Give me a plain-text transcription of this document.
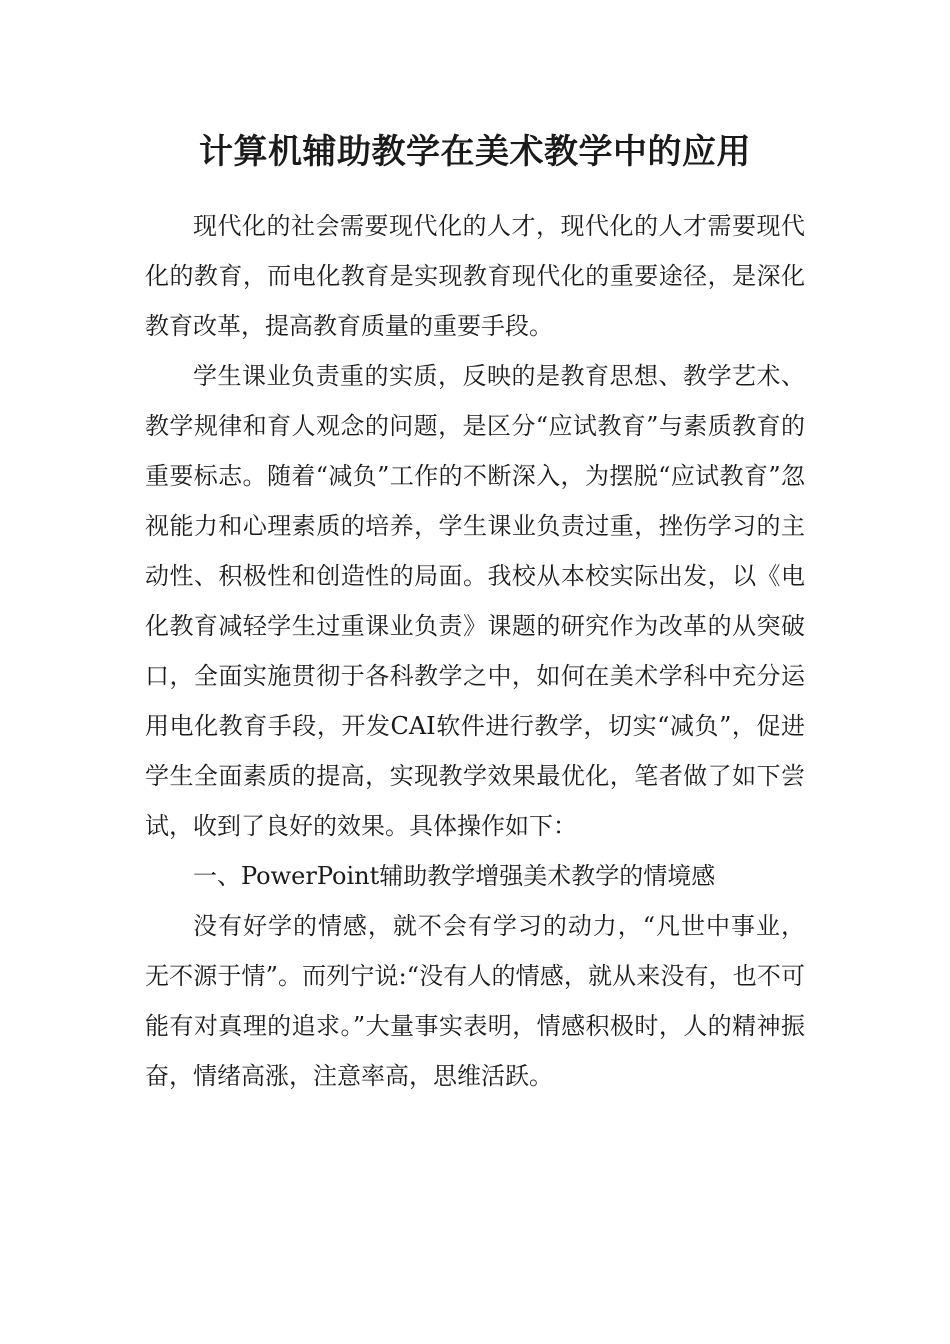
计算机辅助教学在美术教学中的应用

现代化的社会需要现代化的人才，现代化的人才需要现代化的教育，而电化教育是实现教育现代化的重要途径，是深化教育改革，提高教育质量的重要手段。

学生课业负责重的实质，反映的是教育思想、教学艺术、教学规律和育人观念的问题，是区分“应试教育”与素质教育的重要标志。随着“减负”工作的不断深入，为摆脱“应试教育”忽视能力和心理素质的培养，学生课业负责过重，挫伤学习的主动性、积极性和创造性的局面。我校从本校实际出发，以《电化教育减轻学生过重课业负责》课题的研究作为改革的从突破口，全面实施贯彻于各科教学之中，如何在美术学科中充分运用电化教育手段，开发CAI软件进行教学，切实“减负”，促进学生全面素质的提高，实现教学效果最优化，笔者做了如下尝试，收到了良好的效果。具体操作如下：

一、PowerPoint辅助教学增强美术教学的情境感

没有好学的情感，就不会有学习的动力，“凡世中事业，无不源于情”。而列宁说:“没有人的情感，就从来没有，也不可能有对真理的追求。”大量事实表明，情感积极时，人的精神振奋，情绪高涨，注意率高，思维活跃。
